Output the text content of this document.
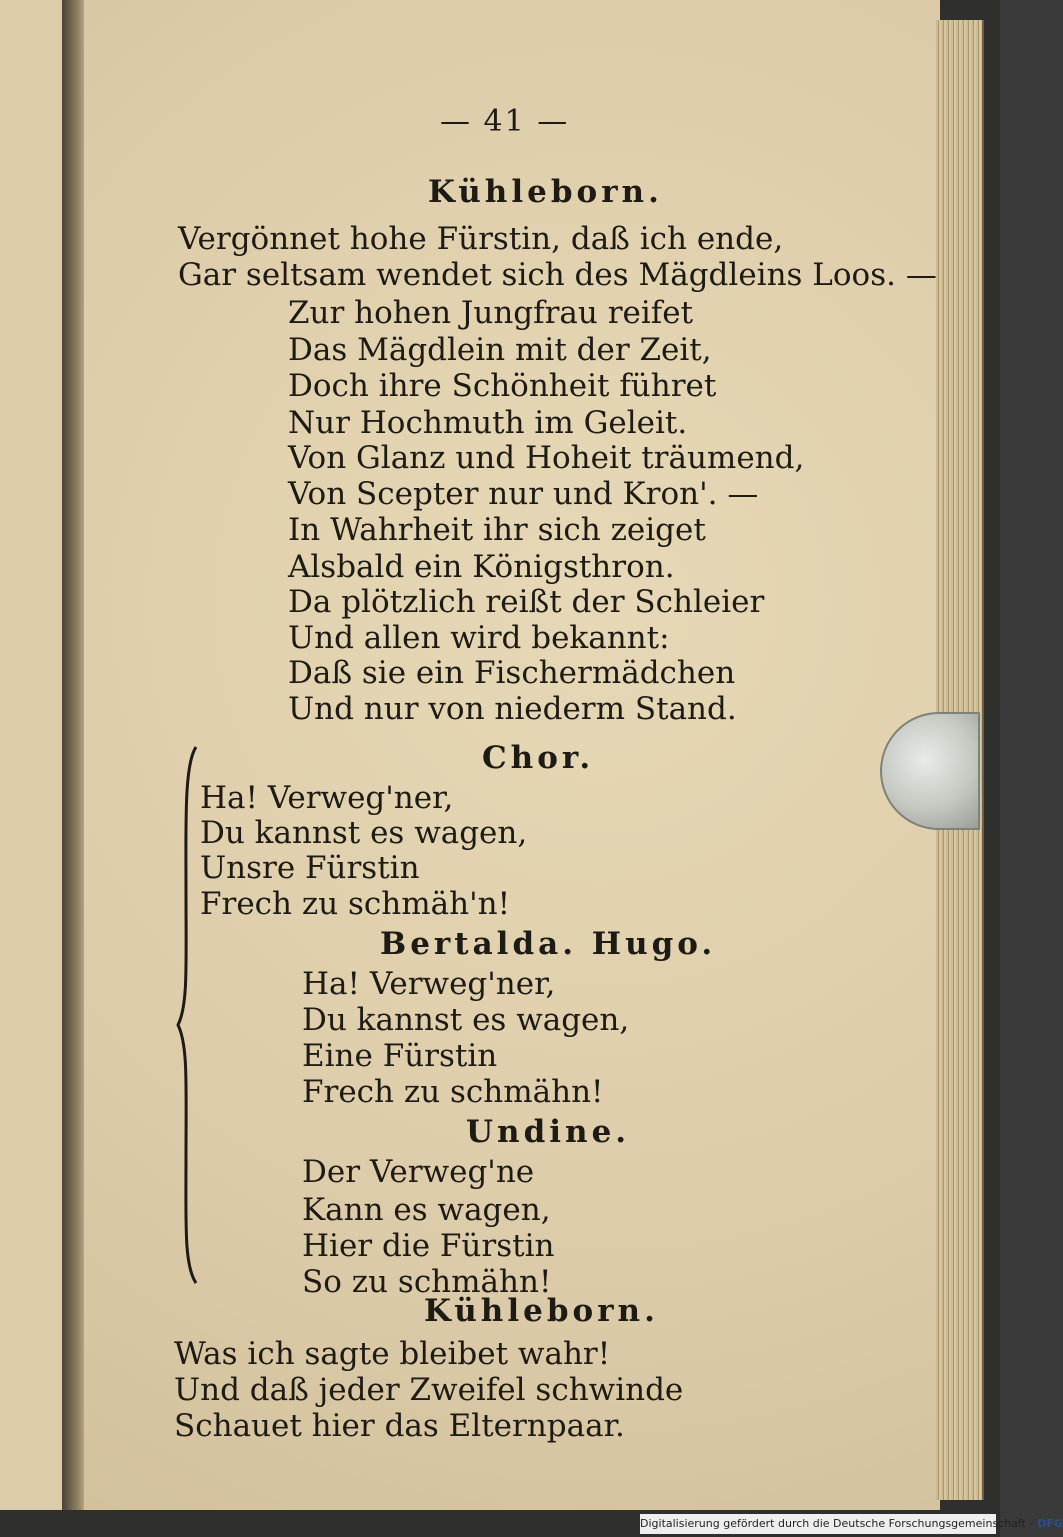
— 41 —
Kühleborn.
Vergönnet hohe Fürstin, daß ich ende,
Gar seltsam wendet sich des Mägdleins Loos. —
Zur hohen Jungfrau reifet
Das Mägdlein mit der Zeit,
Doch ihre Schönheit führet
Nur Hochmuth im Geleit.
Von Glanz und Hoheit träumend,
Von Scepter nur und Kron'. —
In Wahrheit ihr sich zeiget
Alsbald ein Königsthron.
Da plötzlich reißt der Schleier
Und allen wird bekannt:
Daß sie ein Fischermädchen
Und nur von niederm Stand.
Chor.
Ha! Verweg'ner,
Du kannst es wagen,
Unsre Fürstin
Frech zu schmäh'n!
Bertalda. Hugo.
Ha! Verweg'ner,
Du kannst es wagen,
Eine Fürstin
Frech zu schmähn!
Undine.
Der Verweg'ne
Kann es wagen,
Hier die Fürstin
So zu schmähn!
Kühleborn.
Was ich sagte bleibet wahr!
Und daß jeder Zweifel schwinde
Schauet hier das Elternpaar.
Digitalisierung gefördert durch die Deutsche Forschungsgemeinschaft - DFG
